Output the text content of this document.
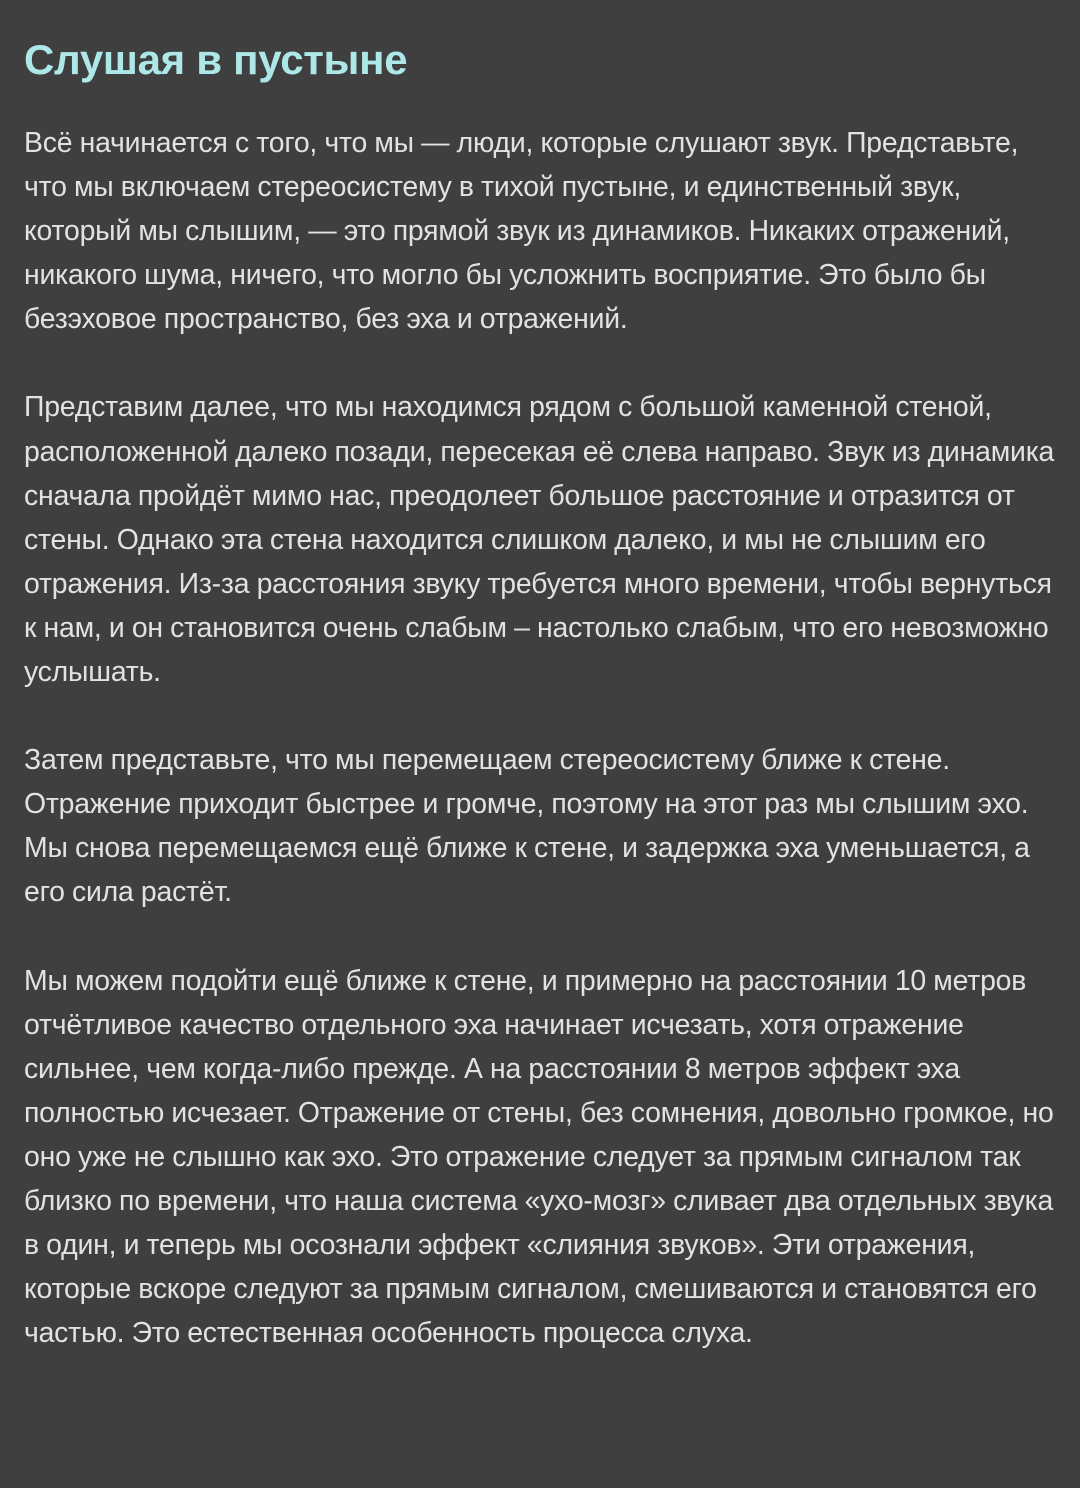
Слушая в пустыне

Всё начинается с того, что мы — люди, которые слушают звук. Представьте, что мы включаем стереосистему в тихой пустыне, и единственный звук, который мы слышим, — это прямой звук из динамиков. Никаких отражений, никакого шума, ничего, что могло бы усложнить восприятие. Это было бы безэховое пространство, без эха и отражений.

Представим далее, что мы находимся рядом с большой каменной стеной, расположенной далеко позади, пересекая её слева направо. Звук из динамика сначала пройдёт мимо нас, преодолеет большое расстояние и отразится от стены. Однако эта стена находится слишком далеко, и мы не слышим его отражения. Из-за расстояния звуку требуется много времени, чтобы вернуться к нам, и он становится очень слабым – настолько слабым, что его невозможно услышать.

Затем представьте, что мы перемещаем стереосистему ближе к стене. Отражение приходит быстрее и громче, поэтому на этот раз мы слышим эхо. Мы снова перемещаемся ещё ближе к стене, и задержка эха уменьшается, а его сила растёт.

Мы можем подойти ещё ближе к стене, и примерно на расстоянии 10 метров отчётливое качество отдельного эха начинает исчезать, хотя отражение сильнее, чем когда-либо прежде. А на расстоянии 8 метров эффект эха полностью исчезает. Отражение от стены, без сомнения, довольно громкое, но оно уже не слышно как эхо. Это отражение следует за прямым сигналом так близко по времени, что наша система «ухо-мозг» сливает два отдельных звука в один, и теперь мы осознали эффект «слияния звуков». Эти отражения, которые вскоре следуют за прямым сигналом, смешиваются и становятся его частью. Это естественная особенность процесса слуха.
